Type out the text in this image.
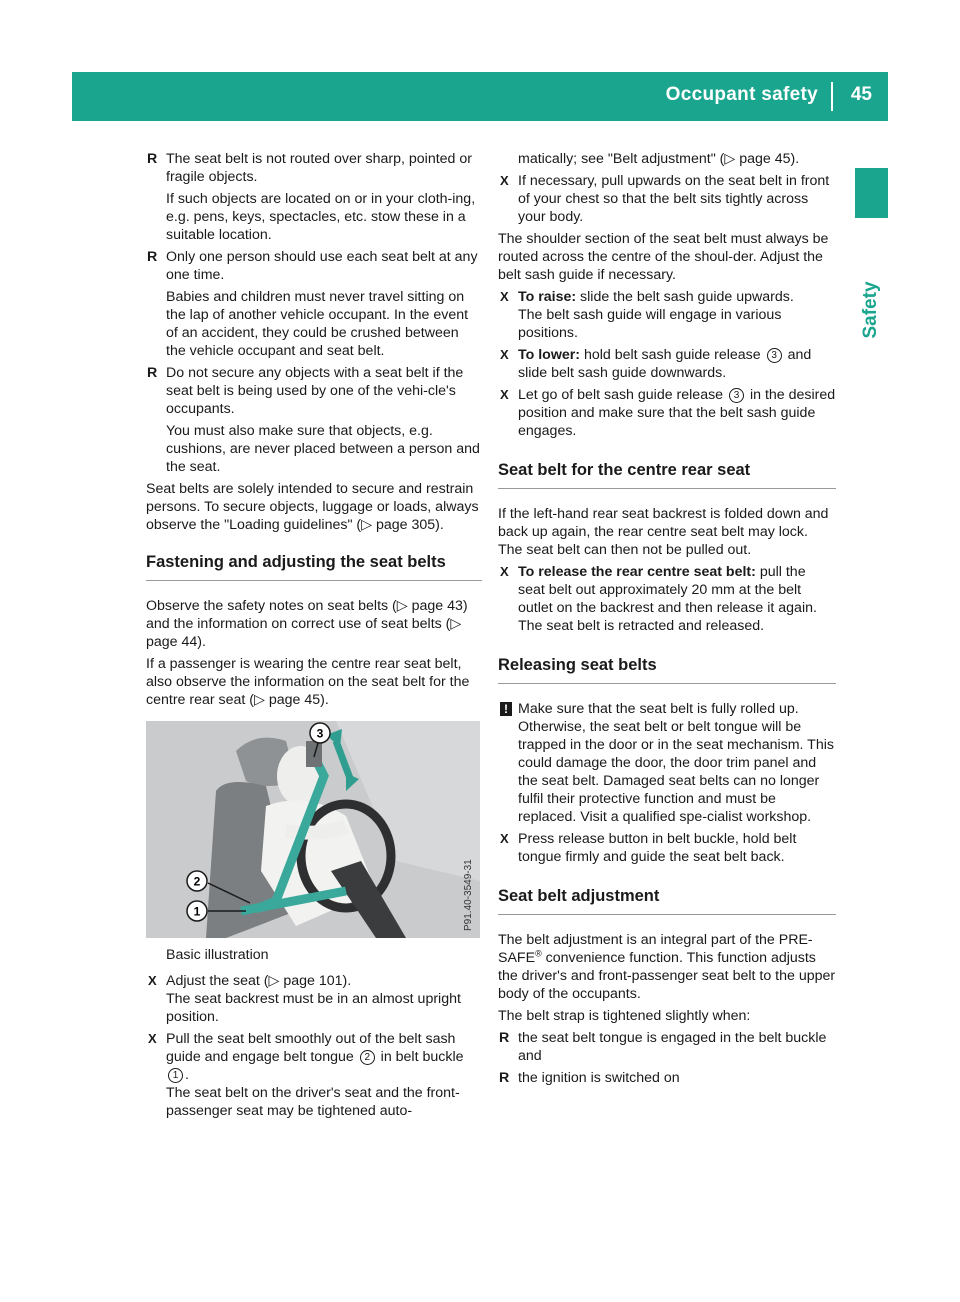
Occupant safety 45
Safety
R The seat belt is not routed over sharp, pointed or fragile objects.

If such objects are located on or in your cloth-ing, e.g. pens, keys, spectacles, etc. stow these in a suitable location.

R Only one person should use each seat belt at any one time.

Babies and children must never travel sitting on the lap of another vehicle occupant. In the event of an accident, they could be crushed between the vehicle occupant and seat belt.

R Do not secure any objects with a seat belt if the seat belt is being used by one of the vehi-cle's occupants.

You must also make sure that objects, e.g. cushions, are never placed between a person and the seat.

Seat belts are solely intended to secure and restrain persons. To secure objects, luggage or loads, always observe the "Loading guidelines" (▷ page 305).

Fastening and adjusting the seat belts

Observe the safety notes on seat belts (▷ page 43) and the information on correct use of seat belts (▷ page 44).

If a passenger is wearing the centre rear seat belt, also observe the information on the seat belt for the centre rear seat (▷ page 45).

3
2
1	P91.40-3549-31

Basic illustration

X Adjust the seat (▷ page 101).

The seat backrest must be in an almost upright position.

X Pull the seat belt smoothly out of the belt sash guide and engage belt tongue 2 in belt buckle 1 .

The seat belt on the driver's seat and the front-passenger seat may be tightened auto-

matically; see "Belt adjustment" (▷ page 45).

X If necessary, pull upwards on the seat belt in front of your chest so that the belt sits tightly across your body.

The shoulder section of the seat belt must always be routed across the centre of the shoul-der. Adjust the belt sash guide if necessary.

X To raise: slide the belt sash guide upwards.

The belt sash guide will engage in various positions.

X To lower: hold belt sash guide release 3 and slide belt sash guide downwards.

X Let go of belt sash guide release 3 in the desired position and make sure that the belt sash guide engages.

Seat belt for the centre rear seat

If the left-hand rear seat backrest is folded down and back up again, the rear centre seat belt may lock. The seat belt can then not be pulled out.

X To release the rear centre seat belt: pull the seat belt out approximately 20 mm at the belt outlet on the backrest and then release it again.

The seat belt is retracted and released.

Releasing seat belts
! Make sure that the seat belt is fully rolled up. Otherwise, the seat belt or belt tongue will be trapped in the door or in the seat mechanism. This could damage the door, the door trim panel and the seat belt. Damaged seat belts can no longer fulfil their protective function and must be replaced. Visit a qualified spe-cialist workshop.

X Press release button in belt buckle, hold belt tongue firmly and guide the seat belt back.

Seat belt adjustment

The belt adjustment is an integral part of the PRE-SAFE® convenience function. This function adjusts the driver's and front-passenger seat belt to the upper body of the occupants.

The belt strap is tightened slightly when:

R the seat belt tongue is engaged in the belt buckle and

R the ignition is switched on
